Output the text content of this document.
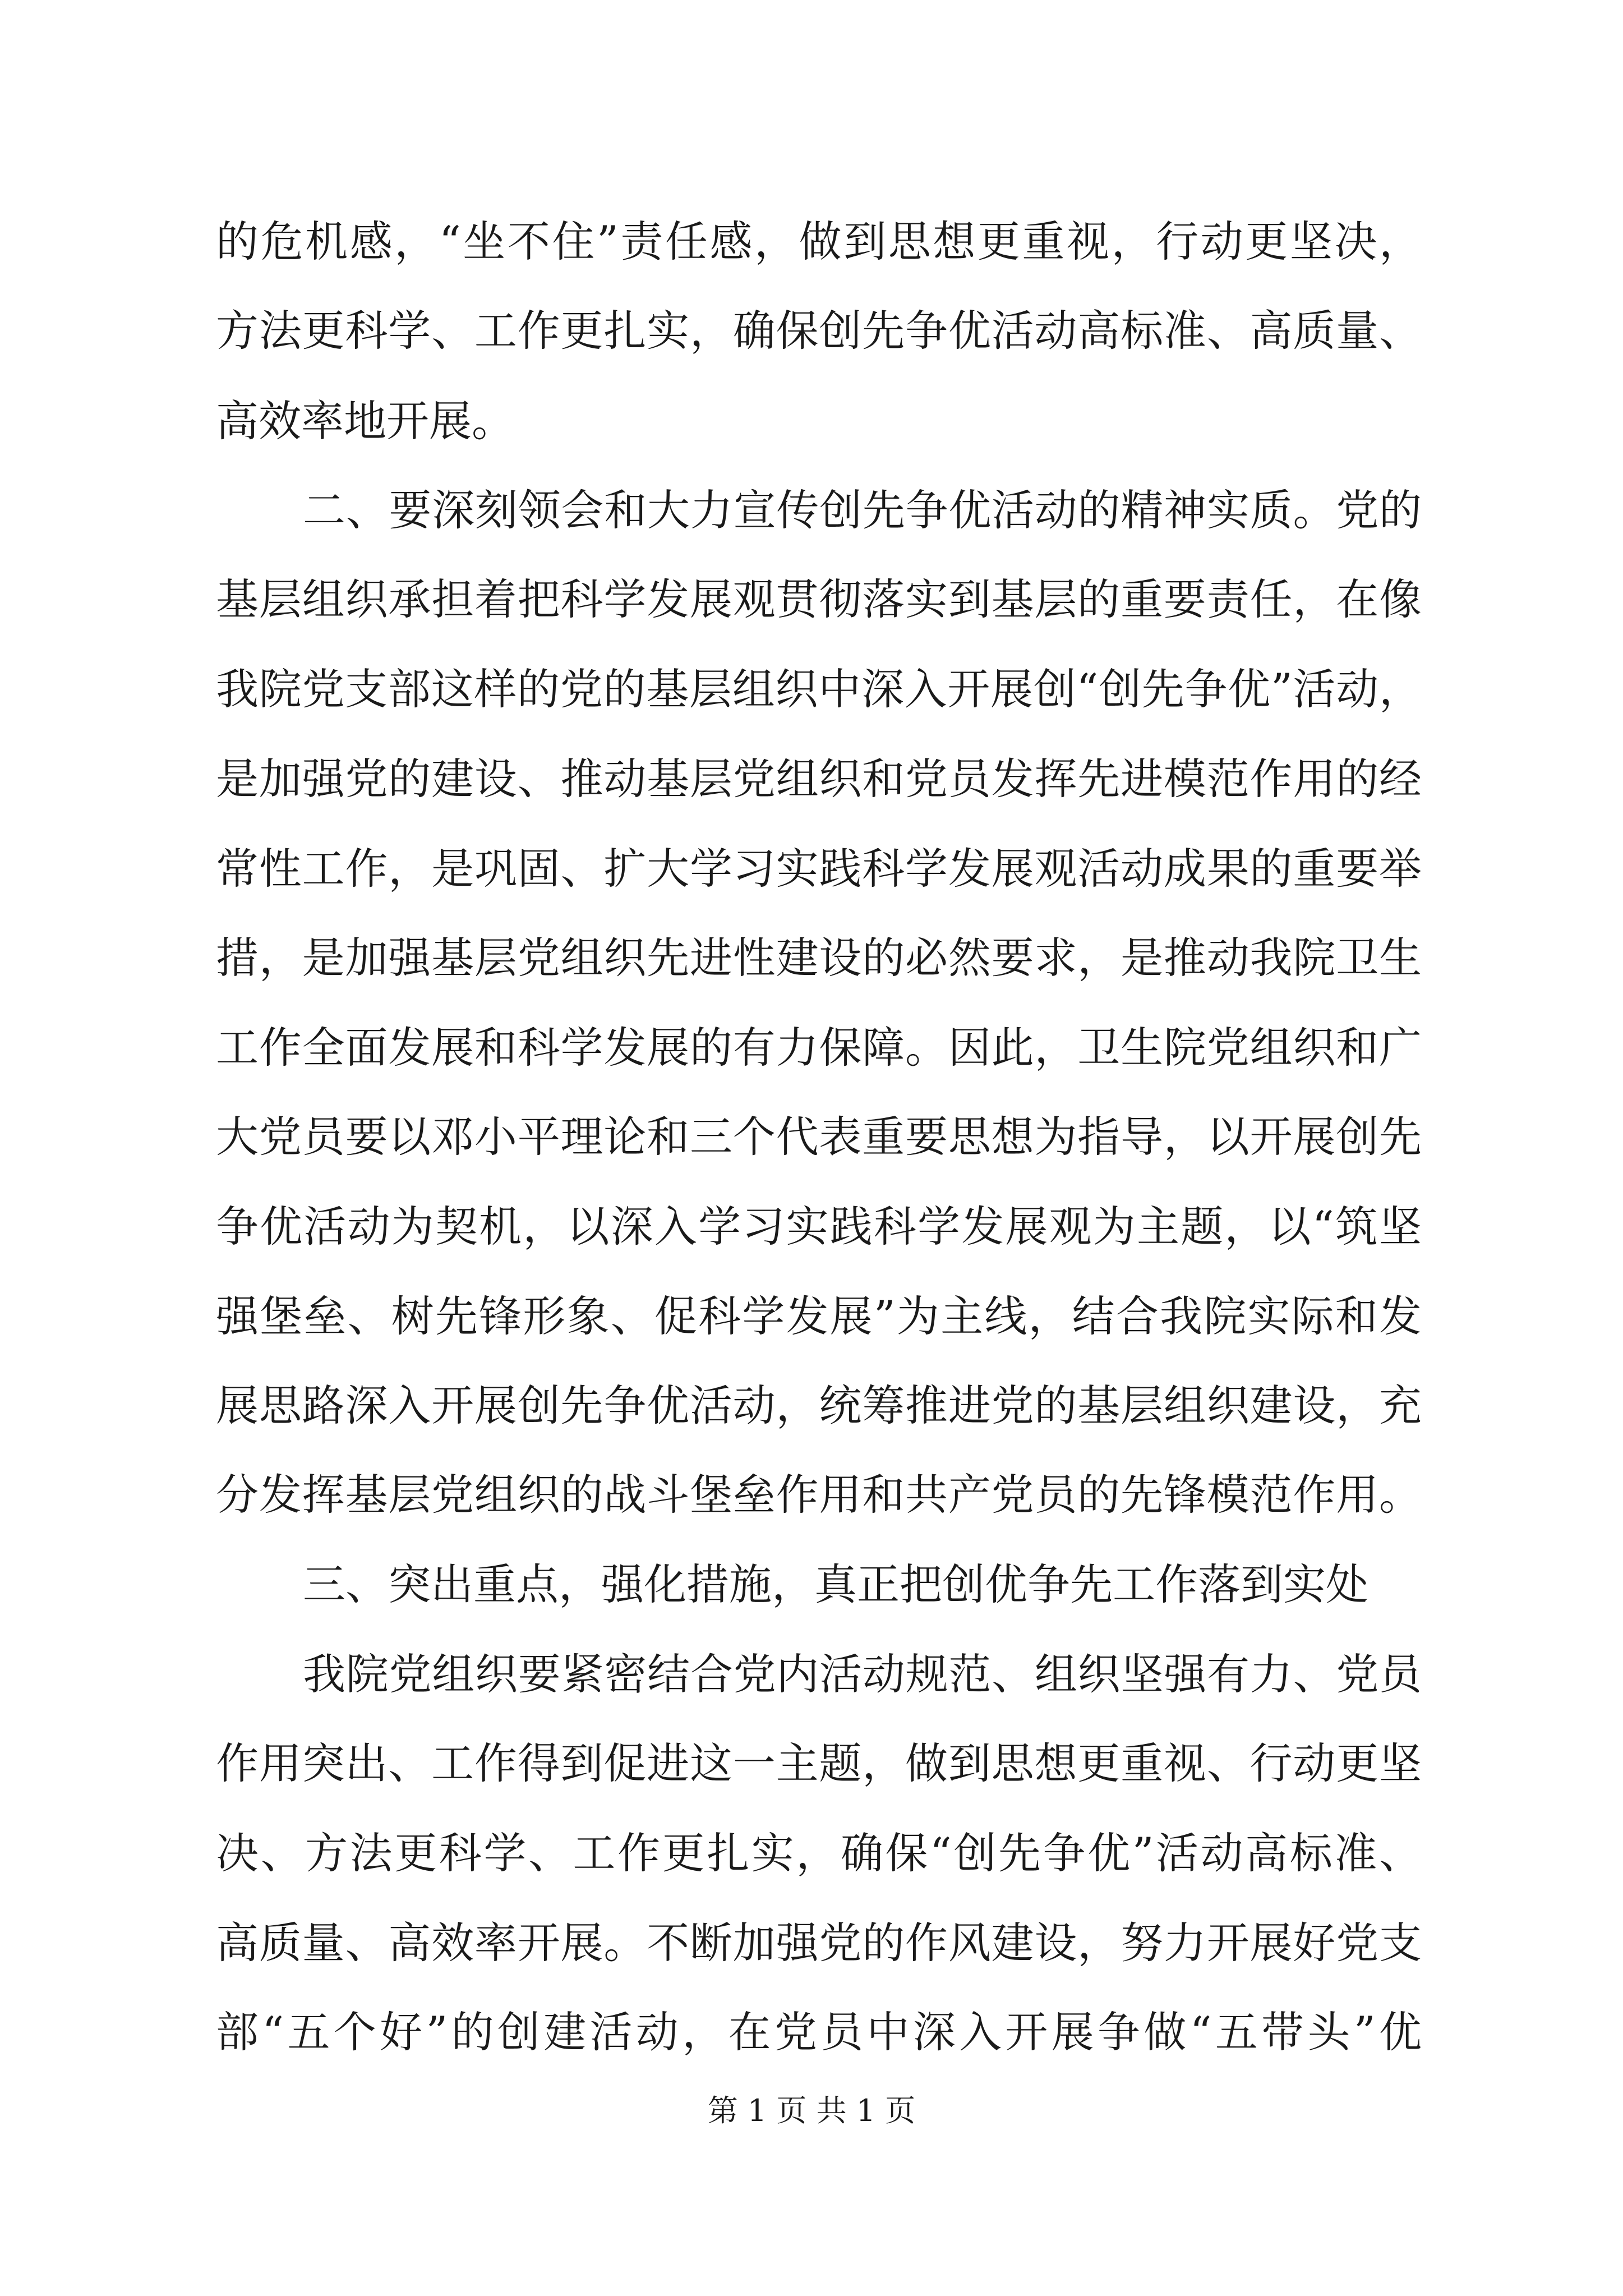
的危机感，“坐不住”责任感，做到思想更重视，行动更坚决，
方法更科学、工作更扎实，确保创先争优活动高标准、高质量、
高效率地开展。
二、要深刻领会和大力宣传创先争优活动的精神实质。党的
基层组织承担着把科学发展观贯彻落实到基层的重要责任，在像
我院党支部这样的党的基层组织中深入开展创“创先争优”活动，
是加强党的建设、推动基层党组织和党员发挥先进模范作用的经
常性工作，是巩固、扩大学习实践科学发展观活动成果的重要举
措，是加强基层党组织先进性建设的必然要求，是推动我院卫生
工作全面发展和科学发展的有力保障。因此，卫生院党组织和广
大党员要以邓小平理论和三个代表重要思想为指导，以开展创先
争优活动为契机，以深入学习实践科学发展观为主题，以“筑坚
强堡垒、树先锋形象、促科学发展”为主线，结合我院实际和发
展思路深入开展创先争优活动，统筹推进党的基层组织建设，充
分发挥基层党组织的战斗堡垒作用和共产党员的先锋模范作用。
三、突出重点，强化措施，真正把创优争先工作落到实处
我院党组织要紧密结合党内活动规范、组织坚强有力、党员
作用突出、工作得到促进这一主题，做到思想更重视、行动更坚
决、方法更科学、工作更扎实，确保“创先争优”活动高标准、
高质量、高效率开展。不断加强党的作风建设，努力开展好党支
部“五个好”的创建活动，在党员中深入开展争做“五带头”优
第 1 页 共 1 页
